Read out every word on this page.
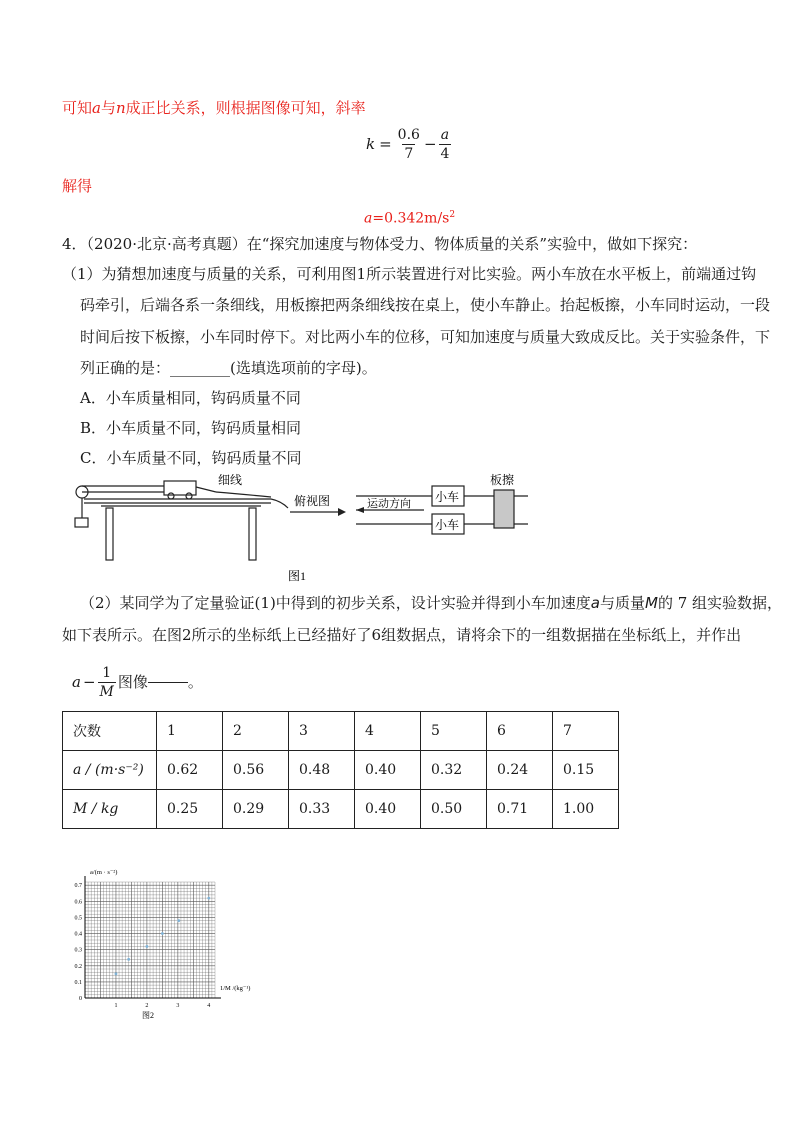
可知a与n成正比关系，则根据图像可知，斜率
$k = \frac{0.6}{7} - \frac{a}{4}$
解得
$a=0.342m/s^2$
4．（2020·北京·高考真题）在“探究加速度与物体受力、物体质量的关系”实验中，做如下探究：
（1）为猜想加速度与质量的关系，可利用图1所示装置进行对比实验。两小车放在水平板上，前端通过钩
码牵引，后端各系一条细线，用板擦把两条细线按在桌上，使小车静止。抬起板擦，小车同时运动，一段
时间后按下板擦，小车同时停下。对比两小车的位移，可知加速度与质量大致成反比。关于实验条件，下
列正确的是：________(选填选项前的字母)。
A．小车质量相同，钩码质量不同
B．小车质量不同，钩码质量相同
C．小车质量不同，钩码质量不同
细线
俯视图	运动方向 小车
小车
板擦
图1
（2）某同学为了定量验证(1)中得到的初步关系，设计实验并得到小车加速度a与质量M的 7 组实验数据，
如下表所示。在图2所示的坐标纸上已经描好了6组数据点，请将余下的一组数据描在坐标纸上，并作出
$a - \frac{1}{M}$ 图像	。
次数	1	2	3	4	5	6	7
a / (m·s⁻²)	0.62	0.56	0.48	0.40	0.32	0.24	0.15
M / kg	0.25	0.29	0.33	0.40	0.50	0.71	1.00
0
0.1
0.2
0.3
0.4
0.5
0.6
0.7
1	2	3	4
a/(m · s⁻²)
1/M /(kg⁻¹)
图2
